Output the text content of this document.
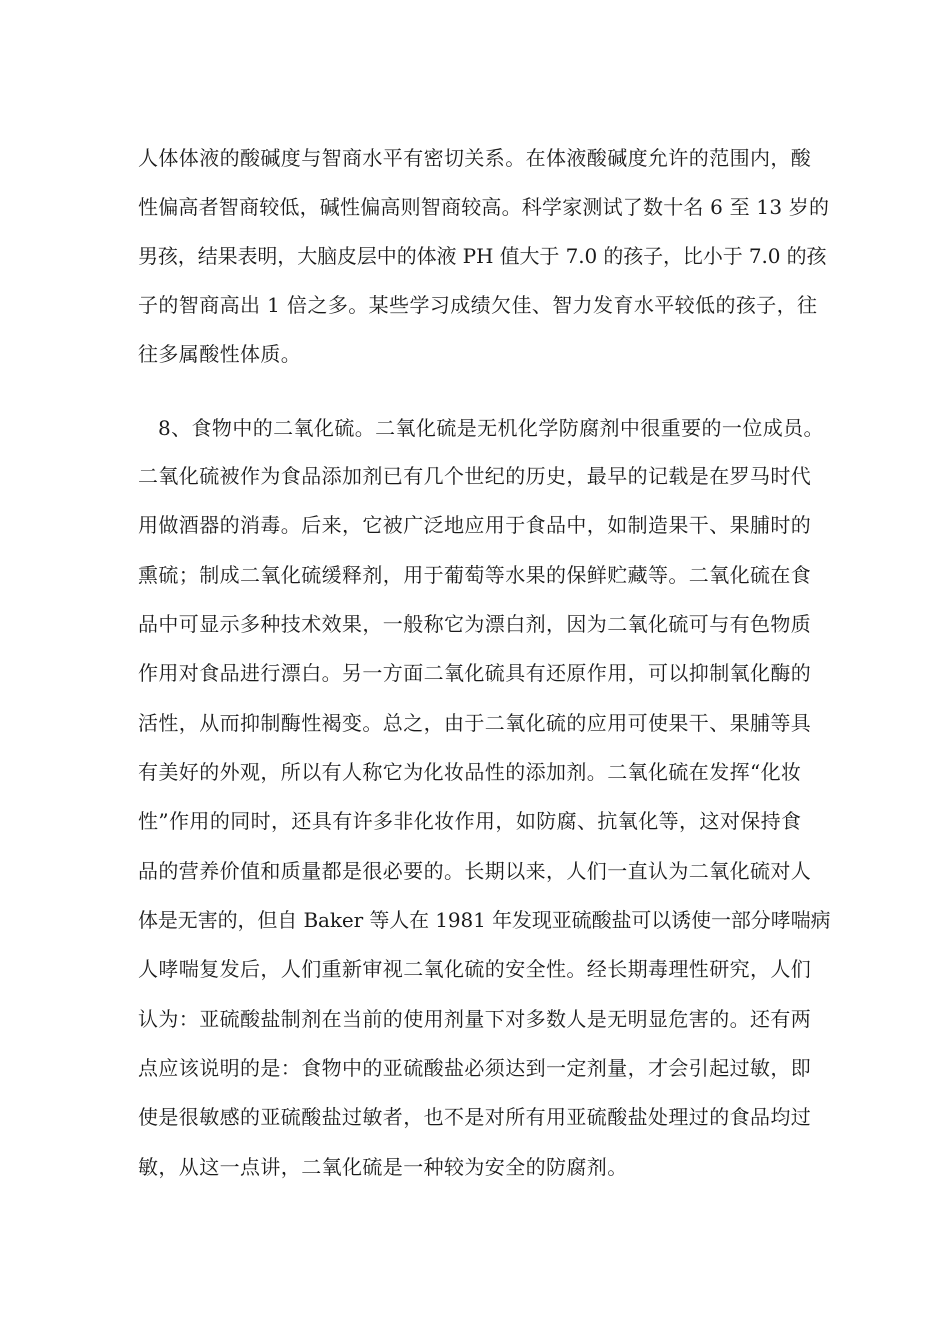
人体体液的酸碱度与智商水平有密切关系。在体液酸碱度允许的范围内，酸
性偏高者智商较低，碱性偏高则智商较高。科学家测试了数十名 6 至 13 岁的
男孩，结果表明，大脑皮层中的体液 PH 值大于 7.0 的孩子，比小于 7.0 的孩
子的智商高出 1 倍之多。某些学习成绩欠佳、智力发育水平较低的孩子，往
往多属酸性体质。
8、食物中的二氧化硫。二氧化硫是无机化学防腐剂中很重要的一位成员。
二氧化硫被作为食品添加剂已有几个世纪的历史，最早的记载是在罗马时代
用做酒器的消毒。后来，它被广泛地应用于食品中，如制造果干、果脯时的
熏硫；制成二氧化硫缓释剂，用于葡萄等水果的保鲜贮藏等。二氧化硫在食
品中可显示多种技术效果，一般称它为漂白剂，因为二氧化硫可与有色物质
作用对食品进行漂白。另一方面二氧化硫具有还原作用，可以抑制氧化酶的
活性，从而抑制酶性褐变。总之，由于二氧化硫的应用可使果干、果脯等具
有美好的外观，所以有人称它为化妆品性的添加剂。二氧化硫在发挥“化妆
性”作用的同时，还具有许多非化妆作用，如防腐、抗氧化等，这对保持食
品的营养价值和质量都是很必要的。长期以来，人们一直认为二氧化硫对人
体是无害的，但自 Baker 等人在 1981 年发现亚硫酸盐可以诱使一部分哮喘病
人哮喘复发后，人们重新审视二氧化硫的安全性。经长期毒理性研究，人们
认为：亚硫酸盐制剂在当前的使用剂量下对多数人是无明显危害的。还有两
点应该说明的是：食物中的亚硫酸盐必须达到一定剂量，才会引起过敏，即
使是很敏感的亚硫酸盐过敏者，也不是对所有用亚硫酸盐处理过的食品均过
敏，从这一点讲，二氧化硫是一种较为安全的防腐剂。
